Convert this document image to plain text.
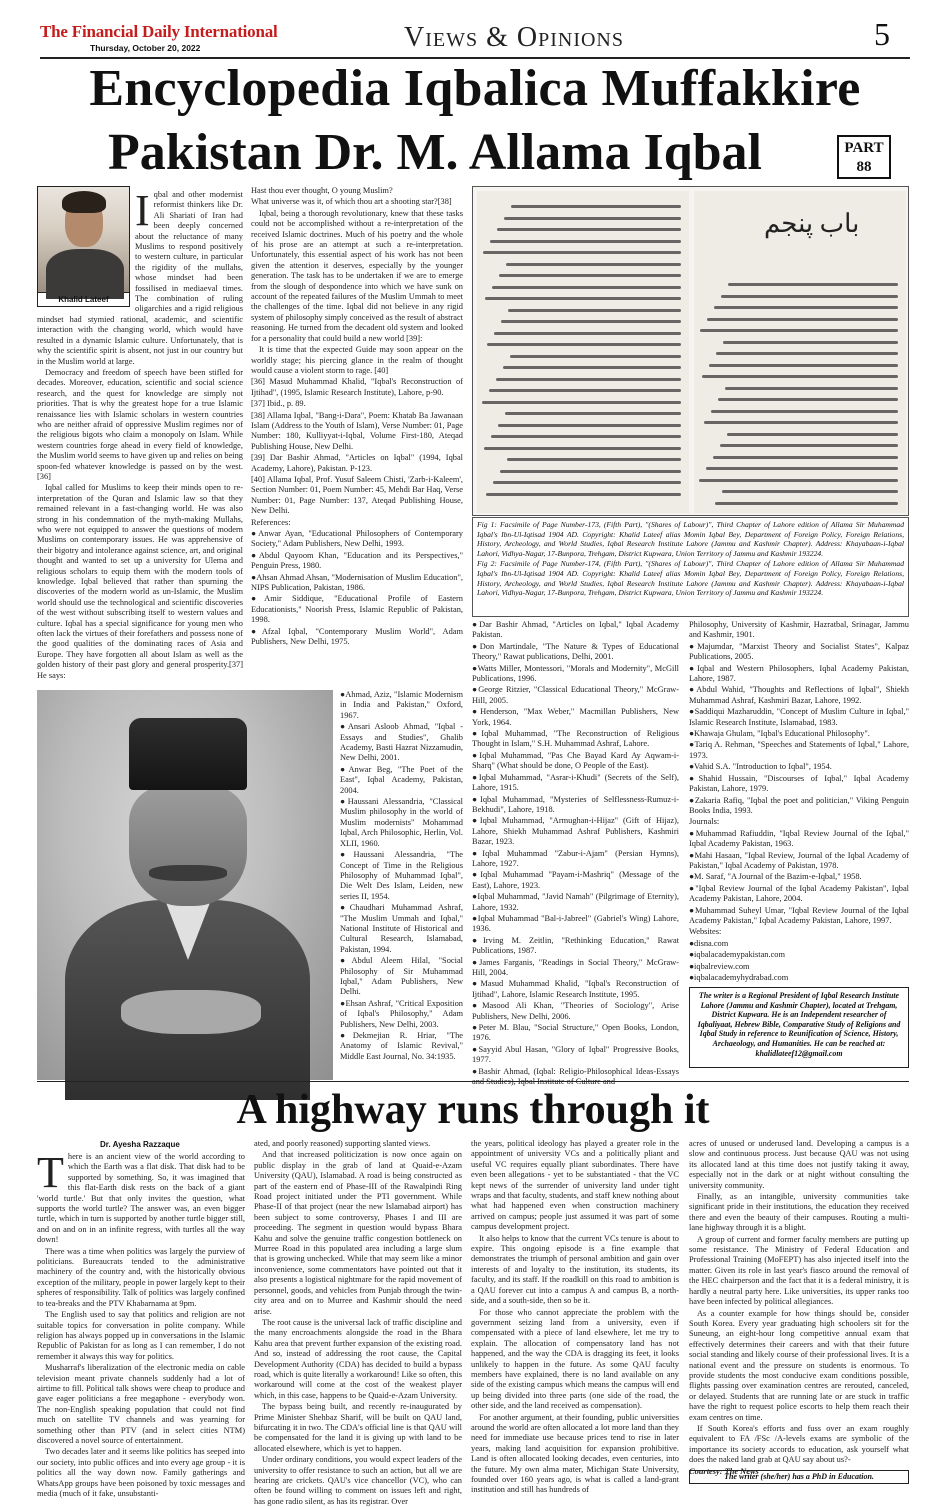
The Financial Daily International
Thursday, October 20, 2022	Views & Opinions	5
Encyclopedia Iqbalica Muffakkire
Pakistan Dr. M. Allama Iqbal	PART
88
Khalid Lateef

Iqbal and other modernist reformist thinkers like Dr. Ali Shariati of Iran had been deeply concerned about the reluctance of many Muslims to respond positively to western culture, in particular the rigidity of the mullahs, whose mindset had been fossilised in mediaeval times. The combination of ruling oligarchies and a rigid religious mindset had stymied rational, academic, and scientific interaction with the changing world, which would have resulted in a dynamic Islamic culture. Unfortunately, that is why the scientific spirit is absent, not just in our country but in the Muslim world at large.

Democracy and freedom of speech have been stifled for decades. Moreover, education, scientific and social science research, and the quest for knowledge are simply not priorities. That is why the greatest hope for a true Islamic renaissance lies with Islamic scholars in western countries who are neither afraid of oppressive Muslim regimes nor of the religious bigots who claim a monopoly on Islam. While western countries forge ahead in every field of knowledge, the Muslim world seems to have given up and relies on being spoon-fed whatever knowledge is passed on by the west. [36]

Iqbal called for Muslims to keep their minds open to re-interpretation of the Quran and Islamic law so that they remained relevant in a fast-changing world. He was also strong in his condemnation of the myth-making Mullahs, who were not equipped to answer the questions of modern Muslims on contemporary issues. He was apprehensive of their bigotry and intolerance against science, art, and original thought and wanted to set up a university for Ulema and religious scholars to equip them with the modern tools of knowledge. Iqbal believed that rather than spurning the discoveries of the modern world as un-Islamic, the Muslim world should use the technological and scientific discoveries of the west without subscribing itself to western values and culture. Iqbal has a special significance for young men who often lack the virtues of their forefathers and possess none of the good qualities of the dominating races of Asia and Europe. They have forgotten all about Islam as well as the golden history of their past glory and general prosperity.[37] He says:

Hast thou ever thought, O young Muslim?

What universe was it, of which thou art a shooting star?[38]

Iqbal, being a thorough revolutionary, knew that these tasks could not be accomplished without a re-interpretation of the received Islamic doctrines. Much of his poetry and the whole of his prose are an attempt at such a re-interpretation. Unfortunately, this essential aspect of his work has not been given the attention it deserves, especially by the younger generation. The task has to be undertaken if we are to emerge from the slough of despondence into which we have sunk on account of the repeated failures of the Muslim Ummah to meet the challenges of the time. Iqbal did not believe in any rigid system of philosophy simply conceived as the result of abstract reasoning. He turned from the decadent old system and looked for a personality that could build a new world [39]:

It is time that the expected Guide may soon appear on the worldly stage; his piercing glance in the realm of thought would cause a violent storm to rage. [40]

[36] Masud Muhammad Khalid, "Iqbal's Reconstruction of Ijtihad", (1995, Islamic Research Institute), Lahore, p-90.

[37] Ibid., p. 89.

[38] Allama Iqbal, "Bang-i-Dara", Poem: Khatab Ba Jawanaan Islam (Address to the Youth of Islam), Verse Number: 01, Page Number: 180, Kulliyyat-i-Iqbal, Volume First-180, Ateqad Publishing House, New Delhi.

[39] Dar Bashir Ahmad, "Articles on Iqbal" (1994, Iqbal Academy, Lahore), Pakistan. P-123.

[40] Allama Iqbal, Prof. Yusuf Saleem Chisti, 'Zarb-i-Kaleem', Section Number: 01, Poem Number: 45, Mehdi Bar Haq, Verse Number: 01, Page Number: 137, Ateqad Publishing House, New Delhi.

References:

●Anwar Ayan, "Educational Philosophers of Contemporary Society," Adam Publishers, New Delhi, 1993.

●Abdul Qayoom Khan, "Education and its Perspectives," Penguin Press, 1980.

●Ahsan Ahmad Ahsan, "Modernisation of Muslim Education", NIPS Publication, Pakistan, 1986.

●Amir Siddique, "Educational Profile of Eastern Educationists," Noorish Press, Islamic Republic of Pakistan, 1998.

●Afzal Iqbal, "Contemporary Muslim World", Adam Publishers, New Delhi, 1975.

باب پنجم

Fig 1: Facsimile of Page Number-173, (Fifth Part), "(Shares of Labour)", Third Chapter of Lahore edition of Allama Sir Muhammad Iqbal's Ibn-Ul-Iqtisad 1904 AD. Copyright: Khalid Lateef alias Momin Iqbal Bey, Department of Foreign Policy, Foreign Relations, History, Archeology, and World Studies, Iqbal Research Institute Lahore (Jammu and Kashmir Chapter). Address: Khayabaan-i-Iqbal Lahori, Vidhya-Nagar, 17-Bunpora, Trehgam, District Kupwara, Union Territory of Jammu and Kashmir 193224.

Fig 2: Facsimile of Page Number-174, (Fifth Part), "(Shares of Labour)", Third Chapter of Lahore edition of Allama Sir Muhammad Iqbal's Ibn-Ul-Iqtisad 1904 AD. Copyright: Khalid Lateef alias Momin Iqbal Bey, Department of Foreign Policy, Foreign Relations, History, Archeology, and World Studies, Iqbal Research Institute Lahore (Jammu and Kashmir Chapter). Address: Khayabaan-i-Iqbal Lahori, Vidhya-Nagar, 17-Bunpora, Trehgam, District Kupwara, Union Territory of Jammu and Kashmir 193224.

●Ahmad, Aziz, "Islamic Modernism in India and Pakistan," Oxford, 1967.

●Ansari Asloob Ahmad, "Iqbal - Essays and Studies", Ghalib Academy, Basti Hazrat Nizzamudin, New Delhi, 2001.

●Anwar Beg, "The Poet of the East", Iqbal Academy, Pakistan, 2004.

●Haussani Alessandria, "Classical Muslim philosophy in the world of Muslim modernists" Mohammad Iqbal, Arch Philosophic, Herlin, Vol. XLII, 1960.

●Haussani Alessandria, "The Concept of Time in the Religious Philosophy of Muhammad Iqbal", Die Welt Des Islam, Leiden, new series II, 1954.

●Chaudhari Muhammad Ashraf, "The Muslim Ummah and Iqbal," National Institute of Historical and Cultural Research, Islamabad, Pakistan, 1994.

●Abdul Aleem Hilal, "Social Philosophy of Sir Muhammad Iqbal," Adam Publishers, New Delhi.

●Ehsan Ashraf, "Critical Exposition of Iqbal's Philosophy," Adam Publishers, New Delhi, 2003.

●Dekmejian R. Hriar, "The Anatomy of Islamic Revival," Middle East Journal, No. 34:1935.

●Dar Bashir Ahmad, "Articles on Iqbal," Iqbal Academy Pakistan.

●Don Martindale, "The Nature & Types of Educational Theory," Rawat publications, Delhi, 2001.

●Watts Miller, Montessori, "Morals and Modernity", McGill Publications, 1996.

●George Ritzier, "Classical Educational Theory," McGraw-Hill, 2005.

●Henderson, "Max Weber," Macmillan Publishers, New York, 1964.

●Iqbal Muhammad, "The Reconstruction of Religious Thought in Islam," S.H. Muhammad Ashraf, Lahore.

●Iqbal Muhammad, "Pas Che Bayad Kard Ay Aqwam-i-Sharq" (What should be done, O People of the East).

●Iqbal Muhammad, "Asrar-i-Khudi" (Secrets of the Self), Lahore, 1915.

●Iqbal Muhammad, "Mysteries of Selflessness-Rumuz-i-Bekhudi", Lahore, 1918.

●Iqbal Muhammad, "Armughan-i-Hijaz" (Gift of Hijaz), Lahore, Shiekh Muhammad Ashraf Publishers, Kashmiri Bazar, 1923.

●Iqbal Muhammad "Zabur-i-Ajam" (Persian Hymns), Lahore, 1927.

●Iqbal Muhammad "Payam-i-Mashriq" (Message of the East), Lahore, 1923.

●Iqbal Muhammad, "Javid Namah" (Pilgrimage of Eternity), Lahore, 1932.

●Iqbal Muhammad "Bal-i-Jabreel" (Gabriel's Wing) Lahore, 1936.

●Irving M. Zeitlin, "Rethinking Education," Rawat Publications, 1987.

●James Farganis, "Readings in Social Theory," McGraw-Hill, 2004.

●Masud Muhammad Khalid, "Iqbal's Reconstruction of Ijtihad", Lahore, Islamic Research Institute, 1995.

●Masood Ali Khan, "Theories of Sociology", Arise Publishers, New Delhi, 2006.

●Peter M. Blau, "Social Structure," Open Books, London, 1976.

●Sayyid Abul Hasan, "Glory of Iqbal" Progressive Books, 1977.

●Bashir Ahmad, (Iqbal: Religio-Philosophical Ideas-Essays

Philosophy, University of Kashmir, Hazratbal, Srinagar, Jammu and Kashmir, 1901.

●Majumdar, "Marxist Theory and Socialist States", Kalpaz Publications, 2005.

●Iqbal and Western Philosophers, Iqbal Academy Pakistan, Lahore, 1987.

●Abdul Wahid, "Thoughts and Reflections of Iqbal", Shiekh Muhammad Ashraf, Kashmiri Bazar, Lahore, 1992.

●Saddiqui Mazharuddin, "Concept of Muslim Culture in Iqbal," Islamic Research Institute, Islamabad, 1983.

●Khawaja Ghulam, "Iqbal's Educational Philosophy".

●Tariq A. Rehman, "Speeches and Statements of Iqbal," Lahore, 1973.

●Vahid S.A. "Introduction to Iqbal", 1954.

●Shahid Hussain, "Discourses of Iqbal," Iqbal Academy Pakistan, Lahore, 1979.

●Zakaria Rafiq, "Iqbal the poet and politician," Viking Penguin Books India, 1993.

Journals:

●Muhammad Rafiuddin, "Iqbal Review Journal of the Iqbal," Iqbal Academy Pakistan, 1963.

●Mahi Hasaan, "Iqbal Review, Journal of the Iqbal Academy of Pakistan," Iqbal Academy of Pakistan, 1978.

●M. Saraf, "A Journal of the Bazim-e-Iqbal," 1958.

●"Iqbal Review Journal of the Iqbal Academy Pakistan", Iqbal Academy Pakistan, Lahore, 2004.

●Muhammad Suheyl Umar, "Iqbal Review Journal of the Iqbal Academy Pakistan," Iqbal Academy Pakistan, Lahore, 1997.

Websites:

●disna.com

●iqbalacademypakistan.com

●iqbalreview.com

●iqbalacademyhydrabad.com

The writer is a Regional President of Iqbal Research Institute Lahore (Jammu and Kashmir Chapter), located at Trehgam, District Kupwara. He is an Independent researcher of Iqbaliyaat, Hebrew Bible, Comparative Study of Religions and Iqbal Study in reference to Reunification of Science, History, Archaeology, and Humanities. He can be reached at: khalidlateef12@gmail.com
A highway runs through it
Dr. Ayesha Razzaque

There is an ancient view of the world according to which the Earth was a flat disk. That disk had to be supported by something. So, it was imagined that this flat-Earth disk rests on the back of a giant 'world turtle.' But that only invites the question, what supports the world turtle? The answer was, an even bigger turtle, which in turn is supported by another turtle bigger still, and on and on in an infinite regress, with turtles all the way down!

There was a time when politics was largely the purview of politicians. Bureaucrats tended to the administrative machinery of the country and, with the historically obvious exception of the military, people in power largely kept to their spheres of responsibility. Talk of politics was largely confined to tea-breaks and the PTV Khabarnama at 9pm.

The English used to say that politics and religion are not suitable topics for conversation in polite company. While religion has always popped up in conversations in the Islamic Republic of Pakistan for as long as I can remember, I do not remember it always this way for politics.

Musharraf's liberalization of the electronic media on cable television meant private channels suddenly had a lot of airtime to fill. Political talk shows were cheap to produce and gave eager politicians a free megaphone - everybody won. The non-English speaking population that could not find much on satellite TV channels and was yearning for something other than PTV (and in select cities NTM) discovered a novel source of entertainment.

Two decades later and it seems like politics has seeped into our society, into public offices and into every age group - it is politics all the way down now. Family gatherings and WhatsApp groups have been poisoned by toxic messages and media (much of it fake, unsubstanti-

ated, and poorly reasoned) supporting slanted views.

And that increased politicization is now once again on public display in the grab of land at Quaid-e-Azam University (QAU), Islamabad. A road is being constructed as part of the eastern end of Phase-III of the Rawalpindi Ring Road project initiated under the PTI government. While Phase-II of that project (near the new Islamabad airport) has been subject to some controversy, Phases I and III are proceeding. The segment in question would bypass Bhara Kahu and solve the genuine traffic congestion bottleneck on Murree Road in this populated area including a large slum that is growing unchecked. While that may seem like a minor inconvenience, some commentators have pointed out that it also presents a logistical nightmare for the rapid movement of personnel, goods, and vehicles from Punjab through the twin-city area and on to Murree and Kashmir should the need arise.

The root cause is the universal lack of traffic discipline and the many encroachments alongside the road in the Bhara Kahu area that prevent further expansion of the existing road. And so, instead of addressing the root cause, the Capital Development Authority (CDA) has decided to build a bypass road, which is quite literally a workaround! Like so often, this workaround will come at the cost of the weakest player which, in this case, happens to be Quaid-e-Azam University.

The bypass being built, and recently re-inaugurated by Prime Minister Shehbaz Sharif, will be built on QAU land, bifurcating it in two. The CDA's official line is that QAU will be compensated for the land it is giving up with land to be allocated elsewhere, which is yet to happen.

Under ordinary conditions, you would expect leaders of the university to offer resistance to such an action, but all we are hearing are crickets. QAU's vice chancellor (VC), who can often be found willing to comment on issues left and right, has gone radio silent, as has its registrar. Over

the years, political ideology has played a greater role in the appointment of university VCs and a politically pliant and useful VC requires equally pliant subordinates. There have even been allegations - yet to be substantiated - that the VC kept news of the surrender of university land under tight wraps and that faculty, students, and staff knew nothing about what had happened even when construction machinery arrived on campus; people just assumed it was part of some campus development project.

It also helps to know that the current VCs tenure is about to expire. This ongoing episode is a fine example that demonstrates the triumph of personal ambition and gain over interests of and loyalty to the institution, its students, its faculty, and its staff. If the roadkill on this road to ambition is a QAU forever cut into a campus A and campus B, a north-side, and a south-side, then so be it.

For those who cannot appreciate the problem with the government seizing land from a university, even if compensated with a piece of land elsewhere, let me try to explain. The allocation of compensatory land has not happened, and the way the CDA is dragging its feet, it looks unlikely to happen in the future. As some QAU faculty members have explained, there is no land available on any side of the existing campus which means the campus will end up being divided into three parts (one side of the road, the other side, and the land received as compensation).

For another argument, at their founding, public universities around the world are often allocated a lot more land than they need for immediate use because prices tend to rise in later years, making land acquisition for expansion prohibitive. Land is often allocated looking decades, even centuries, into the future. My own alma mater, Michigan State University, founded over 160 years ago, is what is called a land-grant institution and still has hundreds of

acres of unused or underused land. Developing a campus is a slow and continuous process. Just because QAU was not using its allocated land at this time does not justify taking it away, especially not in the dark or at night without consulting the university community.

Finally, as an intangible, university communities take significant pride in their institutions, the education they received there and even the beauty of their campuses. Routing a multi-lane highway through it is a blight.

A group of current and former faculty members are putting up some resistance. The Ministry of Federal Education and Professional Training (MoFEPT) has also injected itself into the matter. Given its role in last year's fiasco around the removal of the HEC chairperson and the fact that it is a federal ministry, it is hardly a neutral party here. Like universities, its upper ranks too have been infected by political allegiances.

As a counter example for how things should be, consider South Korea. Every year graduating high schoolers sit for the Suneung, an eight-hour long competitive annual exam that effectively determines their careers and with that their future social standing and likely course of their professional lives. It is a national event and the pressure on students is enormous. To provide students the most conducive exam conditions possible, flights passing over examination centres are rerouted, canceled, or delayed. Students that are running late or are stuck in traffic have the right to request police escorts to help them reach their exam centres on time.

If South Korea's efforts and fuss over an exam roughly equivalent to FA /FSc /A-levels exams are symbolic of the importance its society accords to education, ask yourself what does the naked land grab at QAU say about us?-

Courtesy: The News

The writer (she/her) has a PhD in Education.
